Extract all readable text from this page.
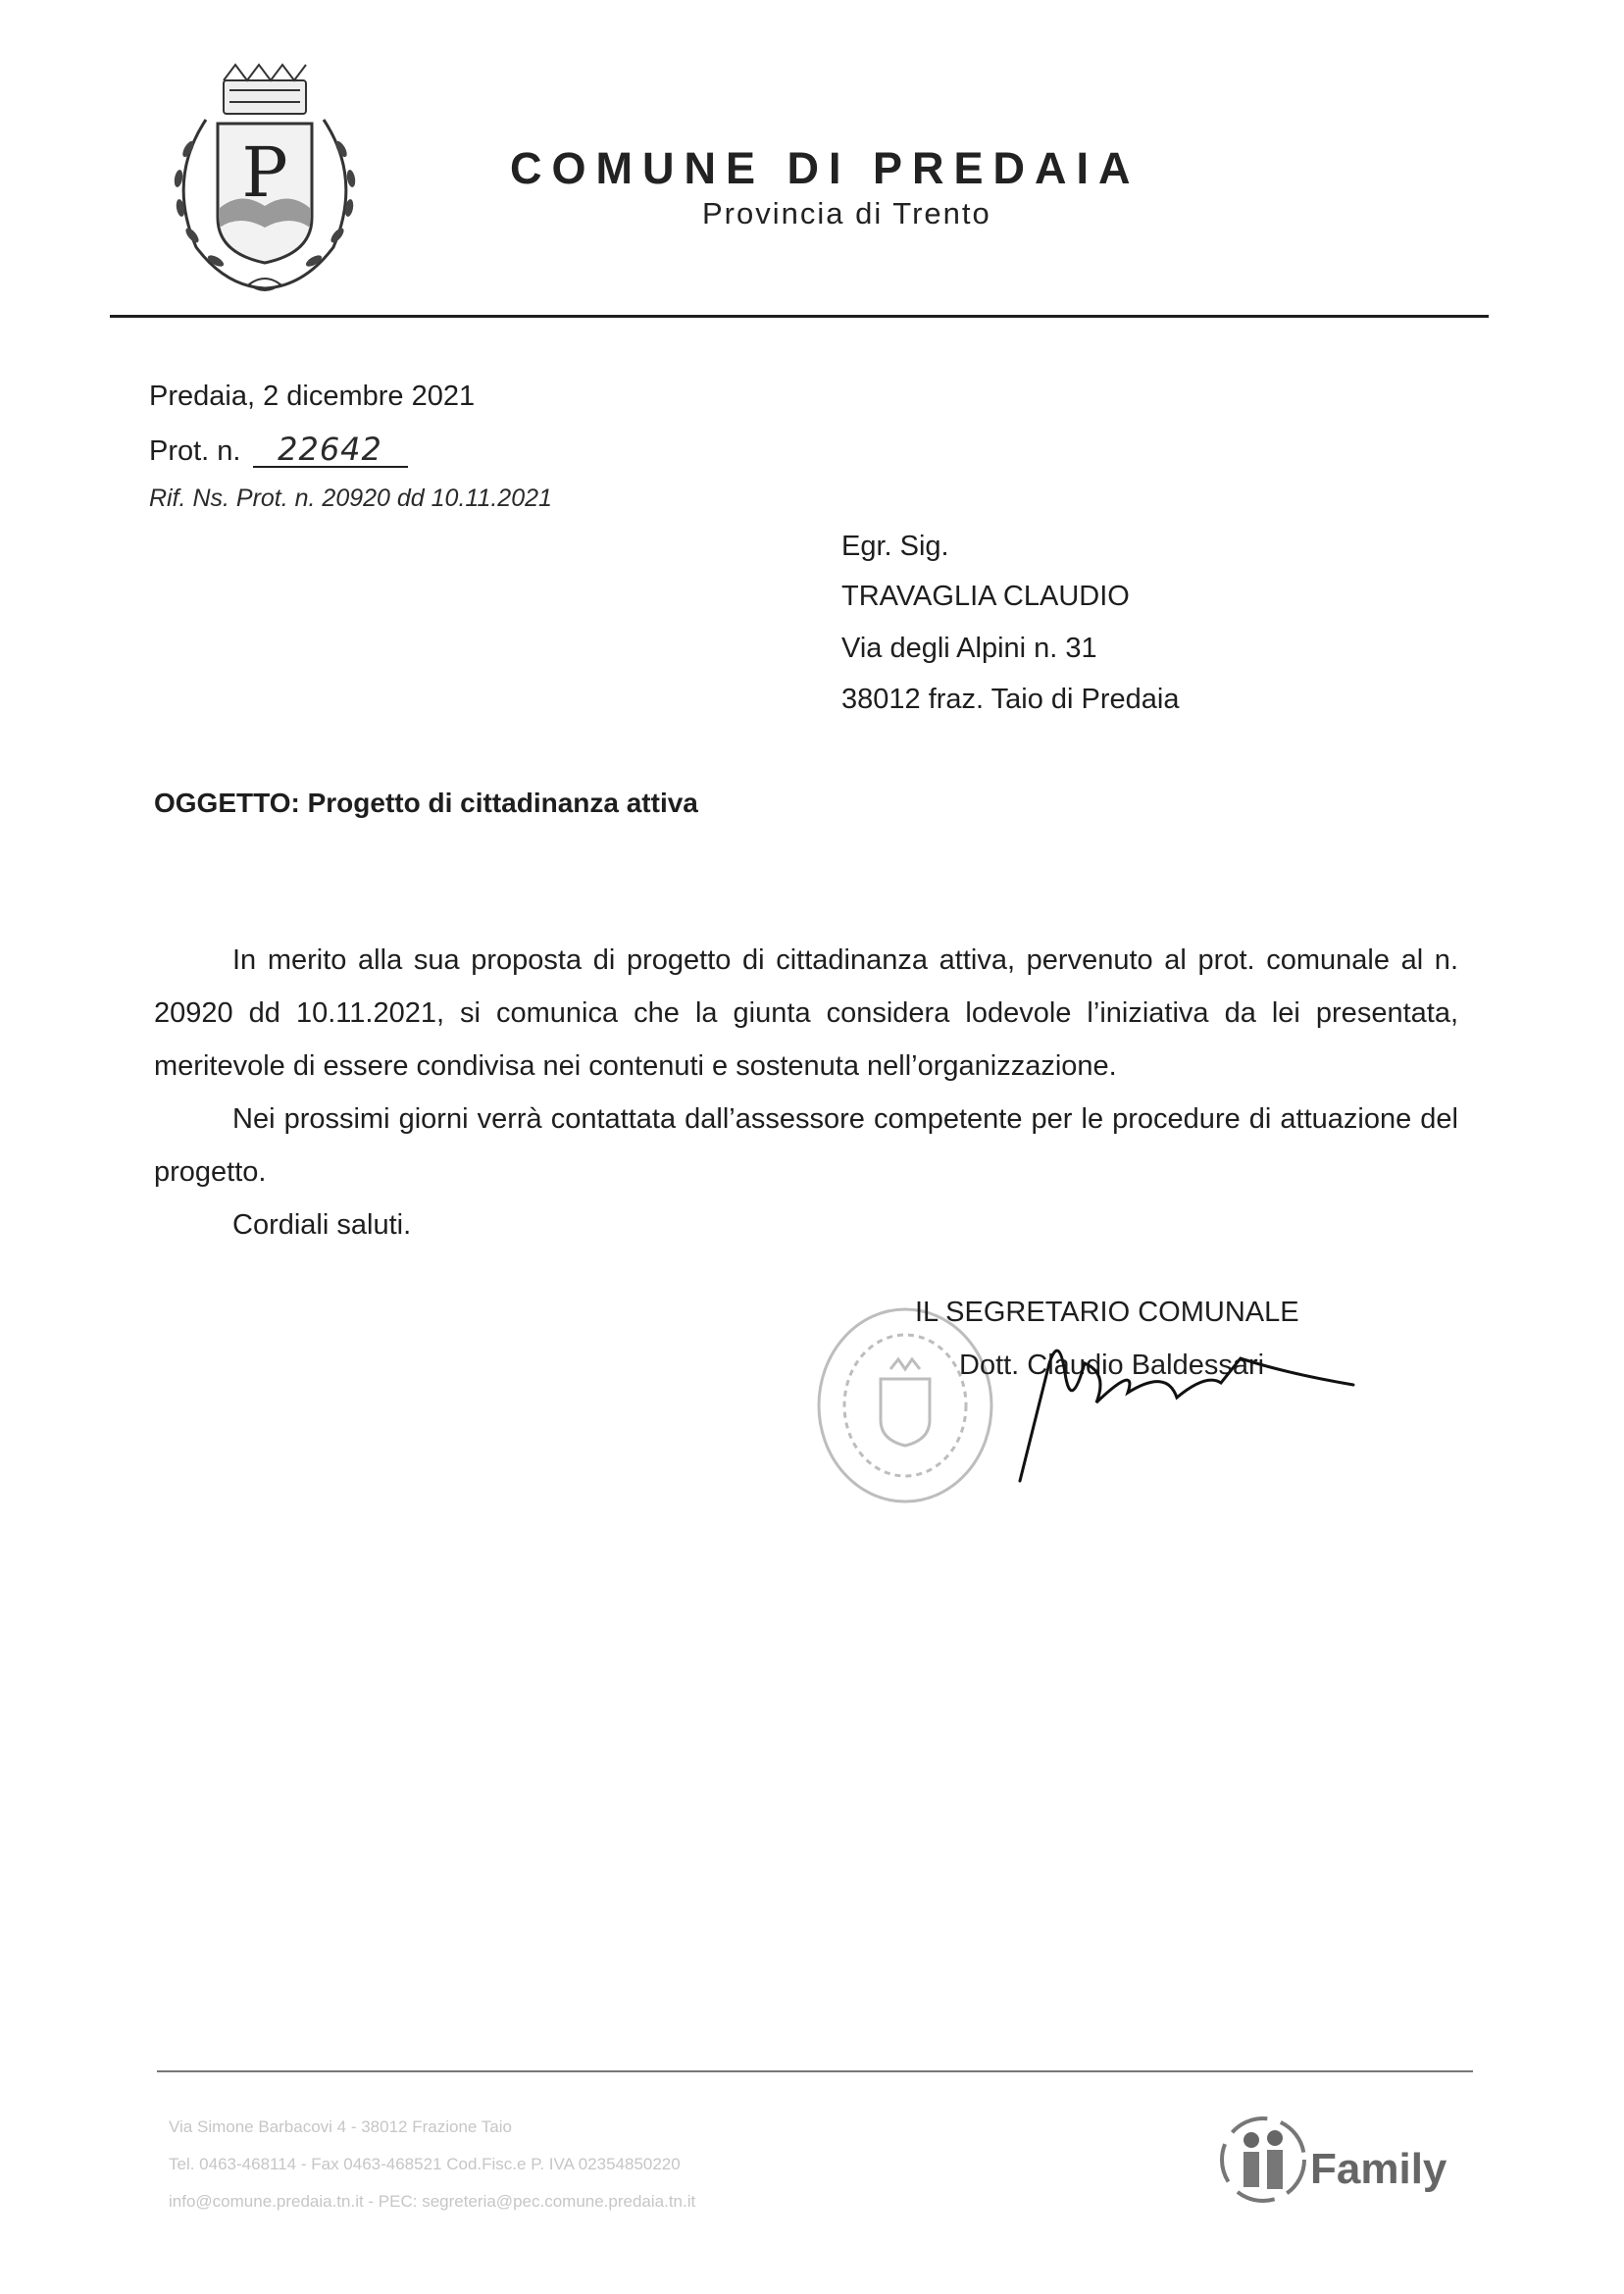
P	COMUNE DI PREDAIA
Provincia di Trento
Predaia, 2 dicembre 2021
Prot. n. 22642
Rif. Ns. Prot. n. 20920 dd 10.11.2021
Egr. Sig.
TRAVAGLIA CLAUDIO
Via degli Alpini n. 31
38012 fraz. Taio di Predaia
OGGETTO: Progetto di cittadinanza attiva

In merito alla sua proposta di progetto di cittadinanza attiva, pervenuto al prot. comunale al n. 20920 dd 10.11.2021, si comunica che la giunta considera lodevole l’iniziativa da lei presentata, meritevole di essere condivisa nei contenuti e sostenuta nell’organizzazione.

Nei prossimi giorni verrà contattata dall’assessore competente per le procedure di attuazione del progetto.

Cordiali saluti.

IL SEGRETARIO COMUNALE
Dott. Claudio Baldessari
Via Simone Barbacovi 4 - 38012 Frazione Taio
Tel. 0463-468114 - Fax 0463-468521 Cod.Fisc.e P. IVA 02354850220
info@comune.predaia.tn.it - PEC: segreteria@pec.comune.predaia.tn.it
Family
